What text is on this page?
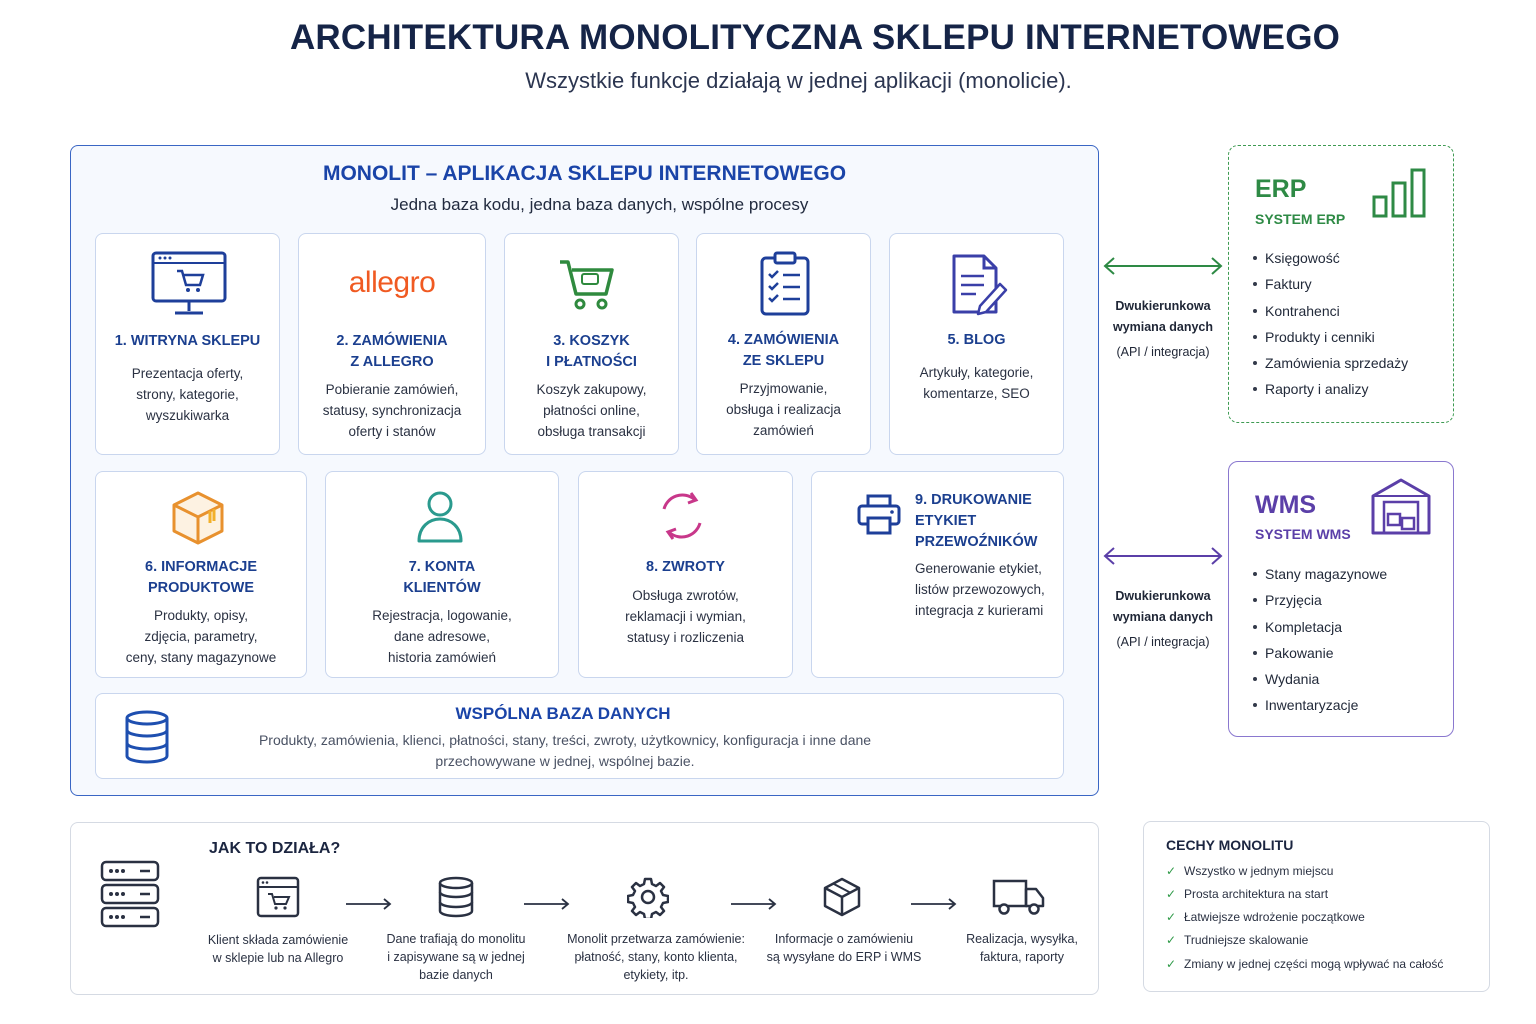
ARCHITEKTURA MONOLITYCZNA SKLEPU INTERNETOWEGO
Wszystkie funkcje działają w jednej aplikacji (monolicie).
MONOLIT – APLIKACJA SKLEPU INTERNETOWEGO
Jedna baza kodu, jedna baza danych, wspólne procesy
1. WITRYNA SKLEPU
Prezentacja oferty,
strony, kategorie,
wyszukiwarka
allegro
2. ZAMÓWIENIA
Z ALLEGRO
Pobieranie zamówień,
statusy, synchronizacja
oferty i stanów
3. KOSZYK
I PŁATNOŚCI
Koszyk zakupowy,
płatności online,
obsługa transakcji
4. ZAMÓWIENIA
ZE SKLEPU
Przyjmowanie,
obsługa i realizacja
zamówień
5. BLOG
Artykuły, kategorie,
komentarze, SEO
6. INFORMACJE
PRODUKTOWE
Produkty, opisy,
zdjęcia, parametry,
ceny, stany magazynowe
7. KONTA
KLIENTÓW
Rejestracja, logowanie,
dane adresowe,
historia zamówień
8. ZWROTY
Obsługa zwrotów,
reklamacji i wymian,
statusy i rozliczenia
9. DRUKOWANIE
ETYKIET
PRZEWOŹNIKÓW
Generowanie etykiet,
listów przewozowych,
integracja z kurierami
WSPÓLNA BAZA DANYCH
Produkty, zamówienia, klienci, płatności, stany, treści, zwroty, użytkownicy, konfiguracja i inne dane
przechowywane w jednej, wspólnej bazie.
Dwukierunkowa
wymiana danych
(API / integracja)
Dwukierunkowa
wymiana danych
(API / integracja)
ERP
SYSTEM ERP
Księgowość
Faktury
Kontrahenci
Produkty i cenniki
Zamówienia sprzedaży
Raporty i analizy
WMS
SYSTEM WMS
Stany magazynowe
Przyjęcia
Kompletacja
Pakowanie
Wydania
Inwentaryzacje
JAK TO DZIAŁA?
Klient składa zamówienie
w sklepie lub na Allegro
Dane trafiają do monolitu
i zapisywane są w jednej
bazie danych
Monolit przetwarza zamówienie:
płatność, stany, konto klienta,
etykiety, itp.
Informacje o zamówieniu
są wysyłane do ERP i WMS
Realizacja, wysyłka,
faktura, raporty
CECHY MONOLITU
✓ Wszystko w jednym miejscu
✓ Prosta architektura na start
✓ Łatwiejsze wdrożenie początkowe
✓ Trudniejsze skalowanie
✓ Zmiany w jednej części mogą wpływać na całość
